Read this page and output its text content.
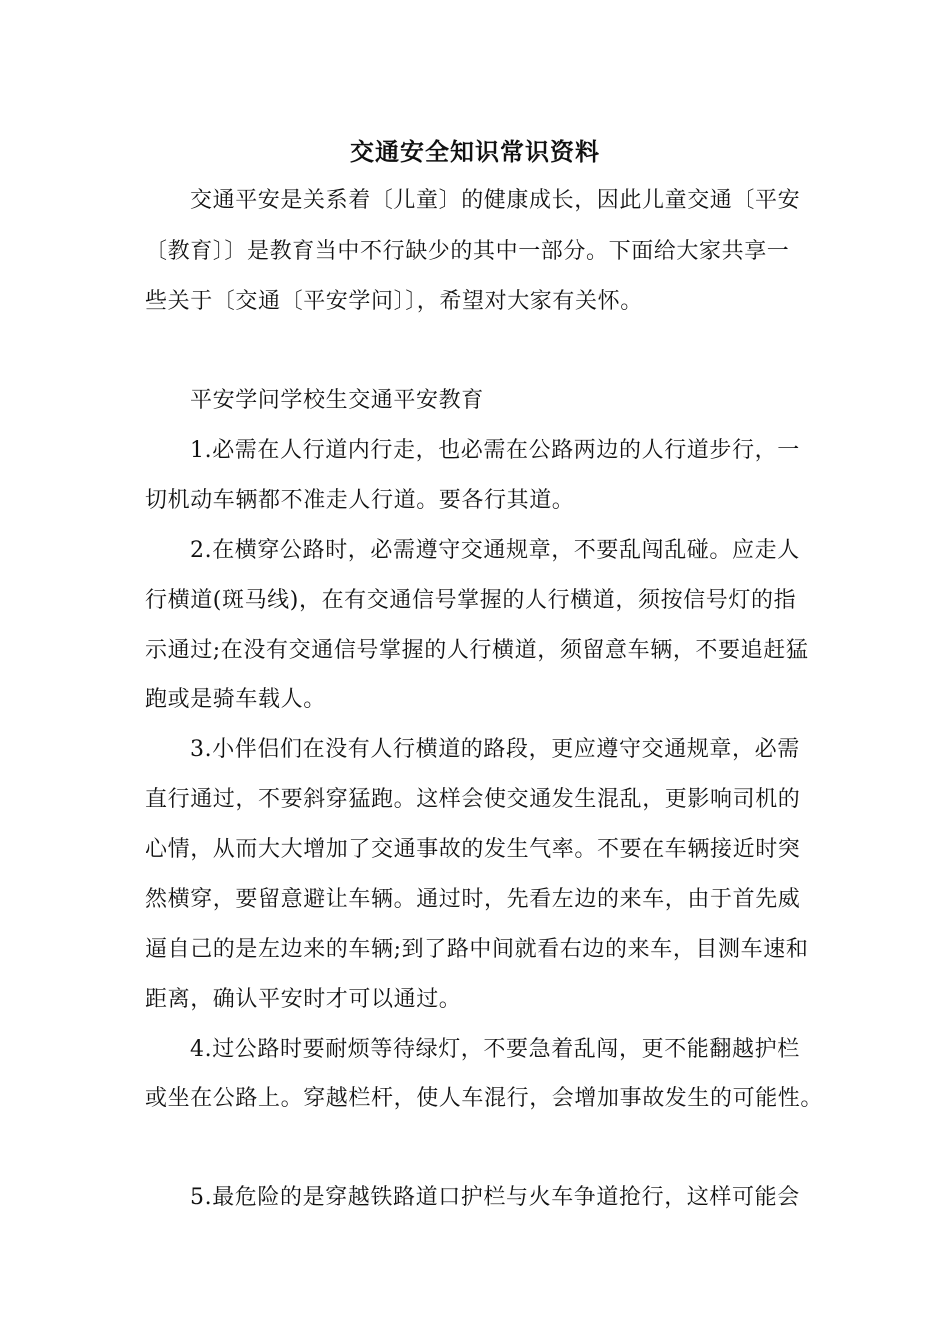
交通安全知识常识资料
交通平安是关系着〔儿童〕的健康成长，因此儿童交通〔平安
〔教育〕〕是教育当中不行缺少的其中一部分。下面给大家共享一
些关于〔交通〔平安学问〕〕，希望对大家有关怀。
平安学问学校生交通平安教育
1.必需在人行道内行走，也必需在公路两边的人行道步行，一
切机动车辆都不准走人行道。要各行其道。
2.在横穿公路时，必需遵守交通规章，不要乱闯乱碰。应走人
行横道(斑马线)，在有交通信号掌握的人行横道，须按信号灯的指
示通过;在没有交通信号掌握的人行横道，须留意车辆，不要追赶猛
跑或是骑车载人。
3.小伴侣们在没有人行横道的路段，更应遵守交通规章，必需
直行通过，不要斜穿猛跑。这样会使交通发生混乱，更影响司机的
心情，从而大大增加了交通事故的发生气率。不要在车辆接近时突
然横穿，要留意避让车辆。通过时，先看左边的来车，由于首先威
逼自己的是左边来的车辆;到了路中间就看右边的来车，目测车速和
距离，确认平安时才可以通过。
4.过公路时要耐烦等待绿灯，不要急着乱闯，更不能翻越护栏
或坐在公路上。穿越栏杆，使人车混行，会增加事故发生的可能性。
5.最危险的是穿越铁路道口护栏与火车争道抢行，这样可能会
